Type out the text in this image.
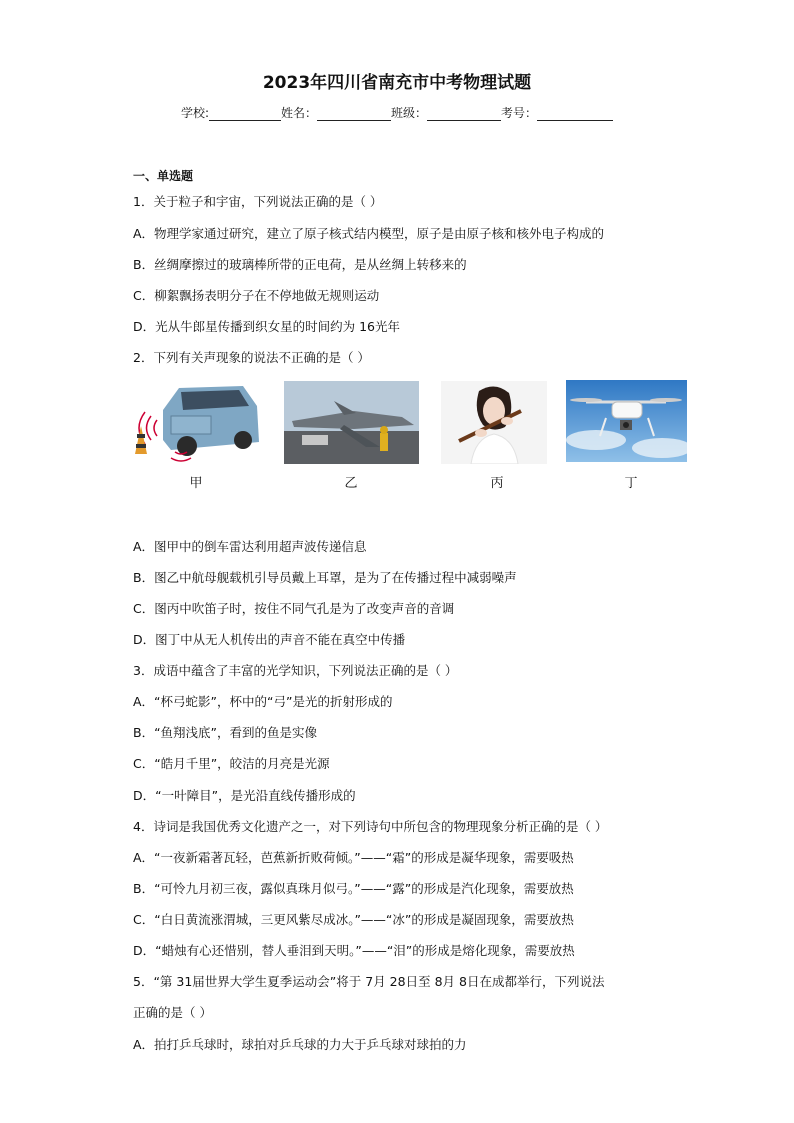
2023年四川省南充市中考物理试题
学校:	姓名：	班级：	考号：
一、单选题
1．关于粒子和宇宙，下列说法正确的是（ ）
A．物理学家通过研究，建立了原子核式结内模型，原子是由原子核和核外电子构成的
B．丝绸摩擦过的玻璃棒所带的正电荷，是从丝绸上转移来的
C．柳絮飘扬表明分子在不停地做无规则运动
D．光从牛郎星传播到织女星的时间约为 16光年
2．下列有关声现象的说法不正确的是（ ）
甲	乙	丙	丁
A．图甲中的倒车雷达利用超声波传递信息
B．图乙中航母舰载机引导员戴上耳罩，是为了在传播过程中减弱噪声
C．图丙中吹笛子时，按住不同气孔是为了改变声音的音调
D．图丁中从无人机传出的声音不能在真空中传播
3．成语中蕴含了丰富的光学知识，下列说法正确的是（ ）
A．“杯弓蛇影”，杯中的“弓”是光的折射形成的
B．“鱼翔浅底”，看到的鱼是实像
C．“皓月千里”，皎洁的月亮是光源
D．“一叶障目”，是光沿直线传播形成的
4．诗词是我国优秀文化遗产之一，对下列诗句中所包含的物理现象分析正确的是（ ）
A．“一夜新霜著瓦轻，芭蕉新折败荷倾。”——“霜”的形成是凝华现象，需要吸热
B．“可怜九月初三夜，露似真珠月似弓。”——“露”的形成是汽化现象，需要放热
C．“白日黄流涨渭城，三更风紫尽成冰。”——“冰”的形成是凝固现象，需要放热
D．“蜡烛有心还惜别，替人垂泪到天明。”——“泪”的形成是熔化现象，需要放热
5．“第 31届世界大学生夏季运动会”将于 7月 28日至 8月 8日在成都举行，下列说法
正确的是（ ）
A．拍打乒乓球时，球拍对乒乓球的力大于乒乓球对球拍的力
